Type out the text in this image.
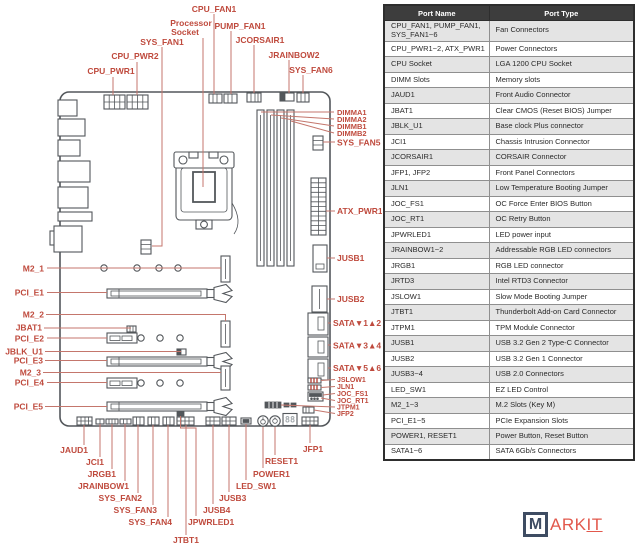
88
CPU_FAN1
Processor
Socket
PUMP_FAN1
JCORSAIR1
SYS_FAN1
JRAINBOW2
CPU_PWR2
SYS_FAN6
CPU_PWR1
DIMMA1
DIMMA2
DIMMB1
DIMMB2
SYS_FAN5
ATX_PWR1
JUSB1
JUSB2
SATA▼1▲2
SATA▼3▲4
SATA▼5▲6
JSLOW1
JLN1
JOC_FS1
JOC_RT1
JTPM1
JFP2
M2_1
PCI_E1
M2_2
JBAT1
PCI_E2
JBLK_U1
PCI_E3
M2_3
PCI_E4
PCI_E5
JAUD1
JCI1
JRGB1
JRAINBOW1
SYS_FAN2
SYS_FAN3
SYS_FAN4
JTBT1
JPWRLED1
JUSB4
JUSB3
LED_SW1
POWER1
RESET1
JFP1
Port Name	Port Type
CPU_FAN1, PUMP_FAN1, SYS_FAN1~6	Fan Connectors
CPU_PWR1~2, ATX_PWR1	Power Connectors
CPU Socket	LGA 1200 CPU Socket
DIMM Slots	Memory slots
JAUD1	Front Audio Connector
JBAT1	Clear CMOS (Reset BIOS) Jumper
JBLK_U1	Base clock Plus connector
JCI1	Chassis Intrusion Connector
JCORSAIR1	CORSAIR Connector
JFP1, JFP2	Front Panel Connectors
JLN1	Low Temperature Booting Jumper
JOC_FS1	OC Force Enter BIOS Button
JOC_RT1	OC Retry Button
JPWRLED1	LED power input
JRAINBOW1~2	Addressable RGB LED connectors
JRGB1	RGB LED connector
JRTD3	Intel RTD3 Connector
JSLOW1	Slow Mode Booting Jumper
JTBT1	Thunderbolt Add-on Card Connector
JTPM1	TPM Module Connector
JUSB1	USB 3.2 Gen 2 Type-C Connector
JUSB2	USB 3.2 Gen 1 Connector
JUSB3~4	USB 2.0 Connectors
LED_SW1	EZ LED Control
M2_1~3	M.2 Slots (Key M)
PCI_E1~5	PCIe Expansion Slots
POWER1, RESET1	Power Button, Reset Button
SATA1~6	SATA 6Gb/s Connectors
M ARK IT
